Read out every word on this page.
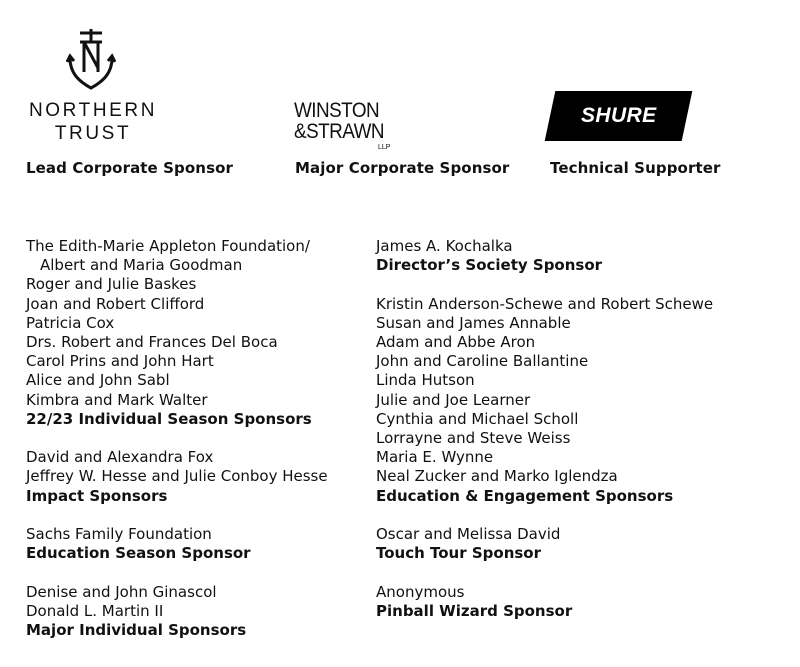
NORTHERN
TRUST
Lead Corporate Sponsor
WINSTON
&STRAWN
LLP
Major Corporate Sponsor
SHURE
Technical Supporter
The Edith-Marie Appleton Foundation/
Albert and Maria Goodman
Roger and Julie Baskes
Joan and Robert Clifford
Patricia Cox
Drs. Robert and Frances Del Boca
Carol Prins and John Hart
Alice and John Sabl
Kimbra and Mark Walter
22/23 Individual Season Sponsors
David and Alexandra Fox
Jeffrey W. Hesse and Julie Conboy Hesse
Impact Sponsors
Sachs Family Foundation
Education Season Sponsor
Denise and John Ginascol
Donald L. Martin II
Major Individual Sponsors
James A. Kochalka
Director’s Society Sponsor
Kristin Anderson-Schewe and Robert Schewe
Susan and James Annable
Adam and Abbe Aron
John and Caroline Ballantine
Linda Hutson
Julie and Joe Learner
Cynthia and Michael Scholl
Lorrayne and Steve Weiss
Maria E. Wynne
Neal Zucker and Marko Iglendza
Education & Engagement Sponsors
Oscar and Melissa David
Touch Tour Sponsor
Anonymous
Pinball Wizard Sponsor
